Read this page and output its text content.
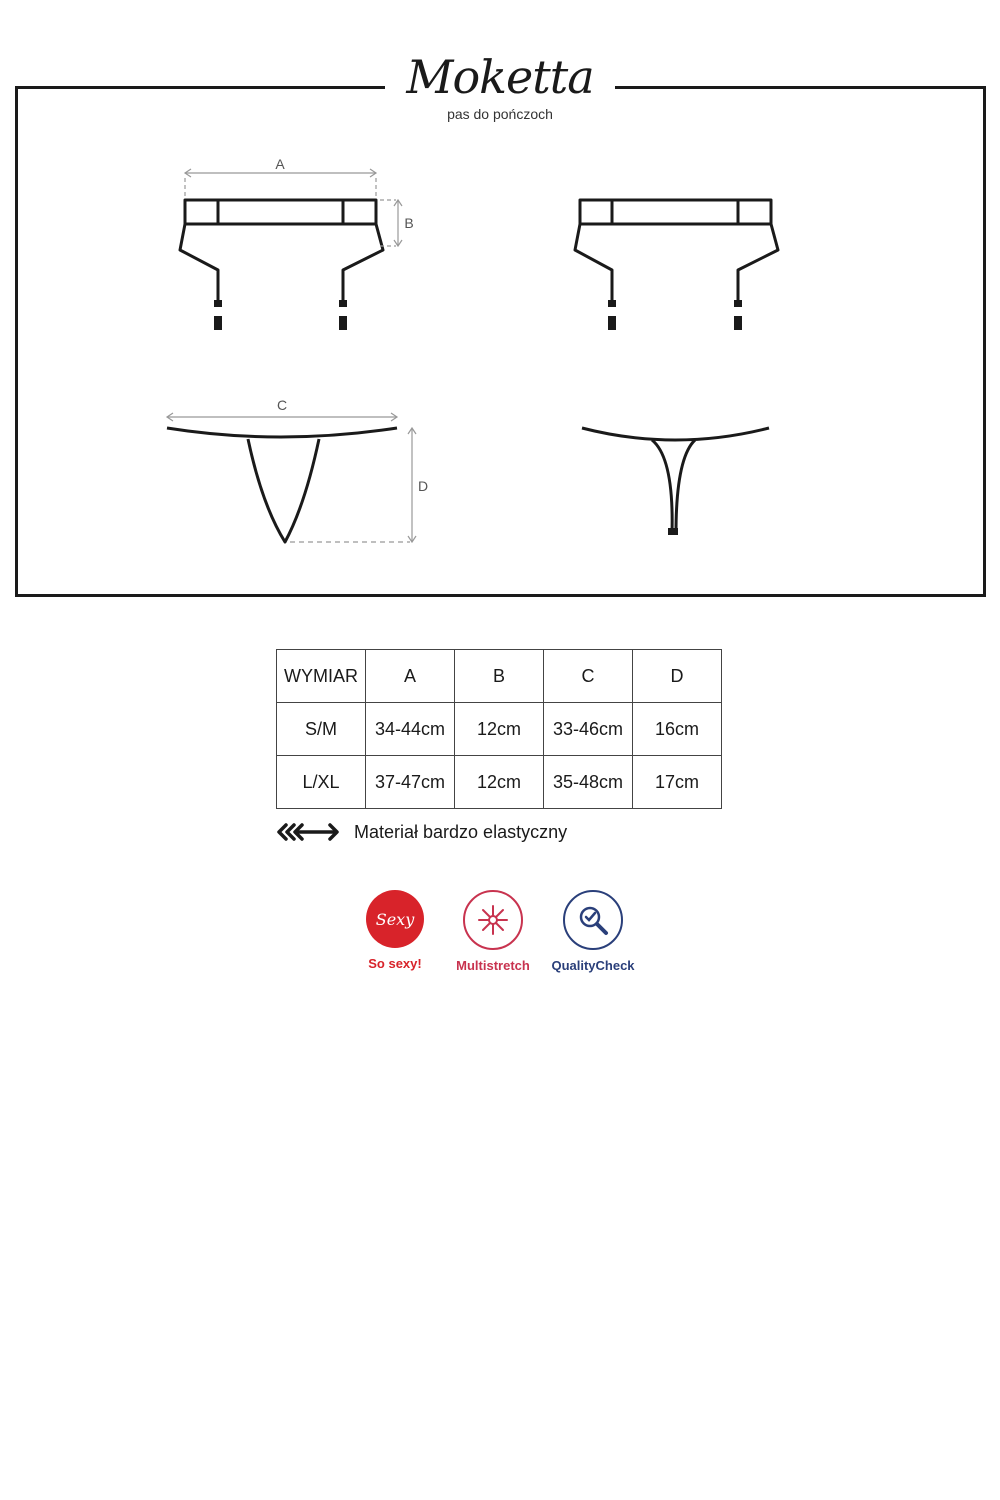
Moketta
pas do pończoch
A
B
C
D
WYMIAR	A	B	C	D
S/M	34-44cm	12cm	33-46cm	16cm
L/XL	37-47cm	12cm	35-48cm	17cm
Materiał bardzo elastyczny
Sexy
So sexy!	Multistretch	QualityCheck
